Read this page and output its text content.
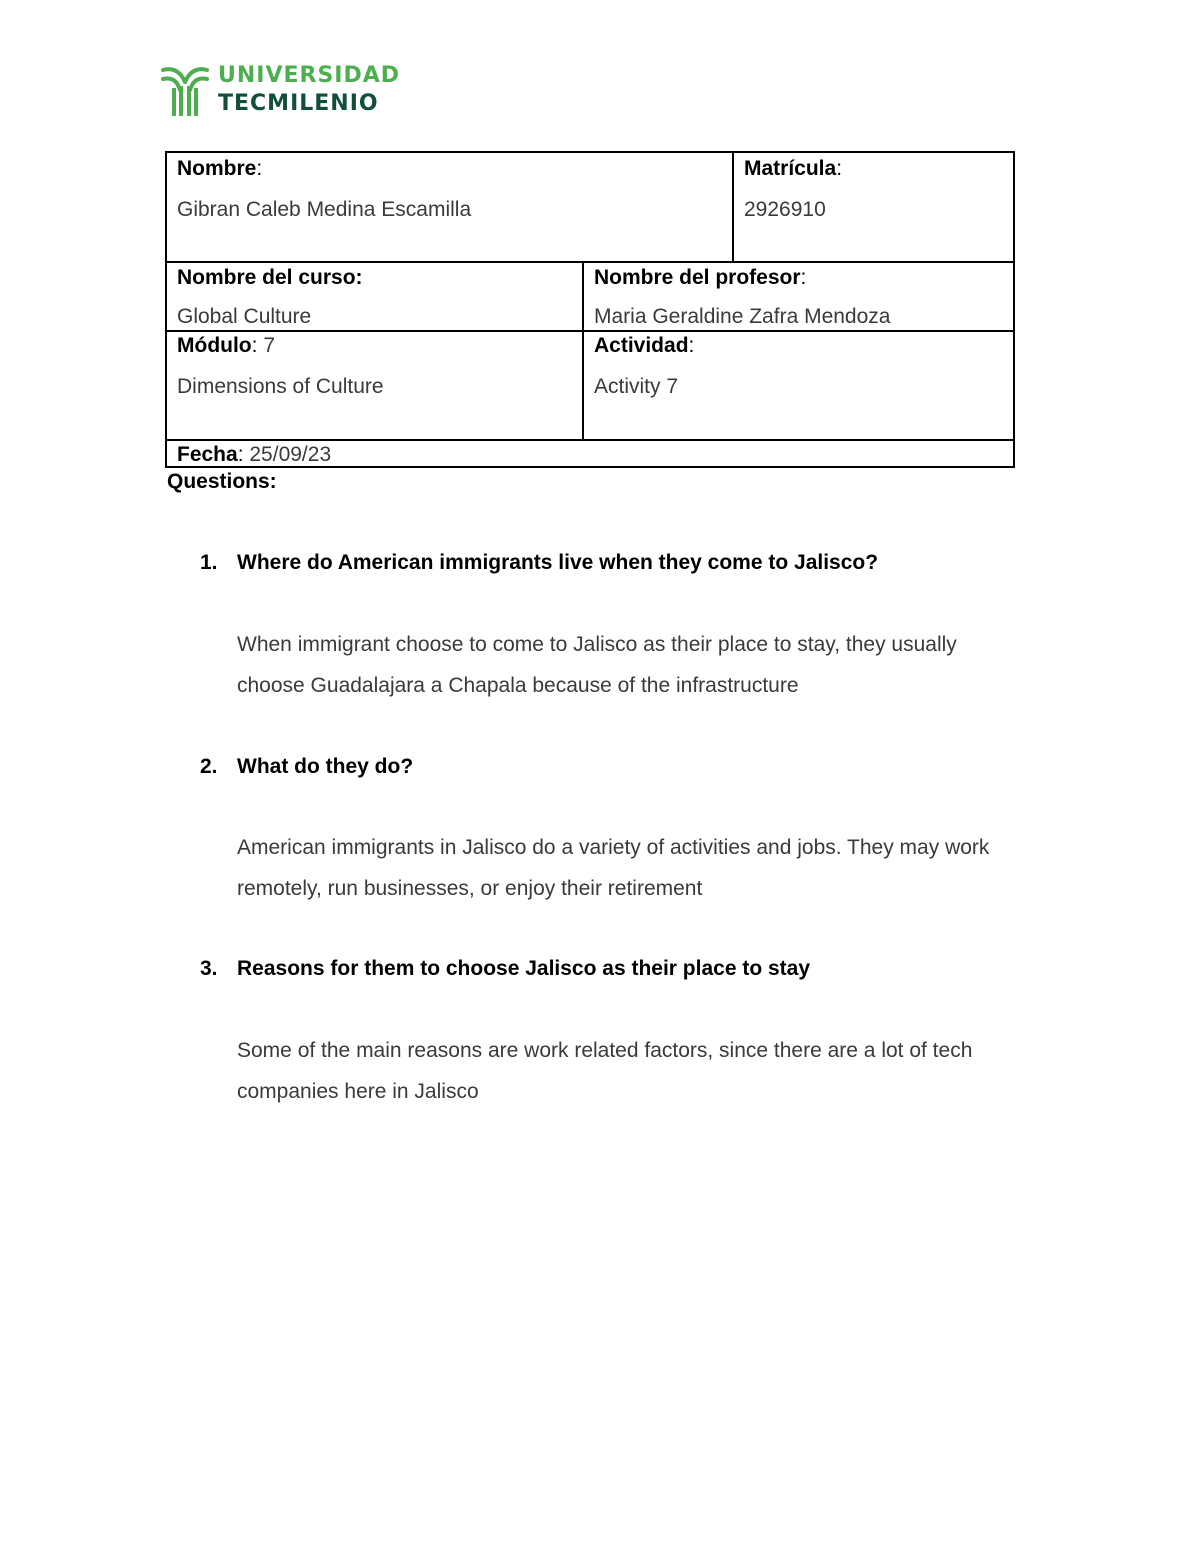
UNIVERSIDAD
TECMILENIO
Nombre:
Gibran Caleb Medina Escamilla
Matrícula:
2926910
Nombre del curso:
Global Culture
Nombre del profesor:
Maria Geraldine Zafra Mendoza
Módulo: 7
Dimensions of Culture
Actividad:
Activity 7
Fecha: 25/09/23
Questions:
1. Where do American immigrants live when they come to Jalisco?
When immigrant choose to come to Jalisco as their place to stay, they usually choose Guadalajara a Chapala because of the infrastructure
2. What do they do?
American immigrants in Jalisco do a variety of activities and jobs. They may work remotely, run businesses, or enjoy their retirement
3. Reasons for them to choose Jalisco as their place to stay
Some of the main reasons are work related factors, since there are a lot of tech companies here in Jalisco
